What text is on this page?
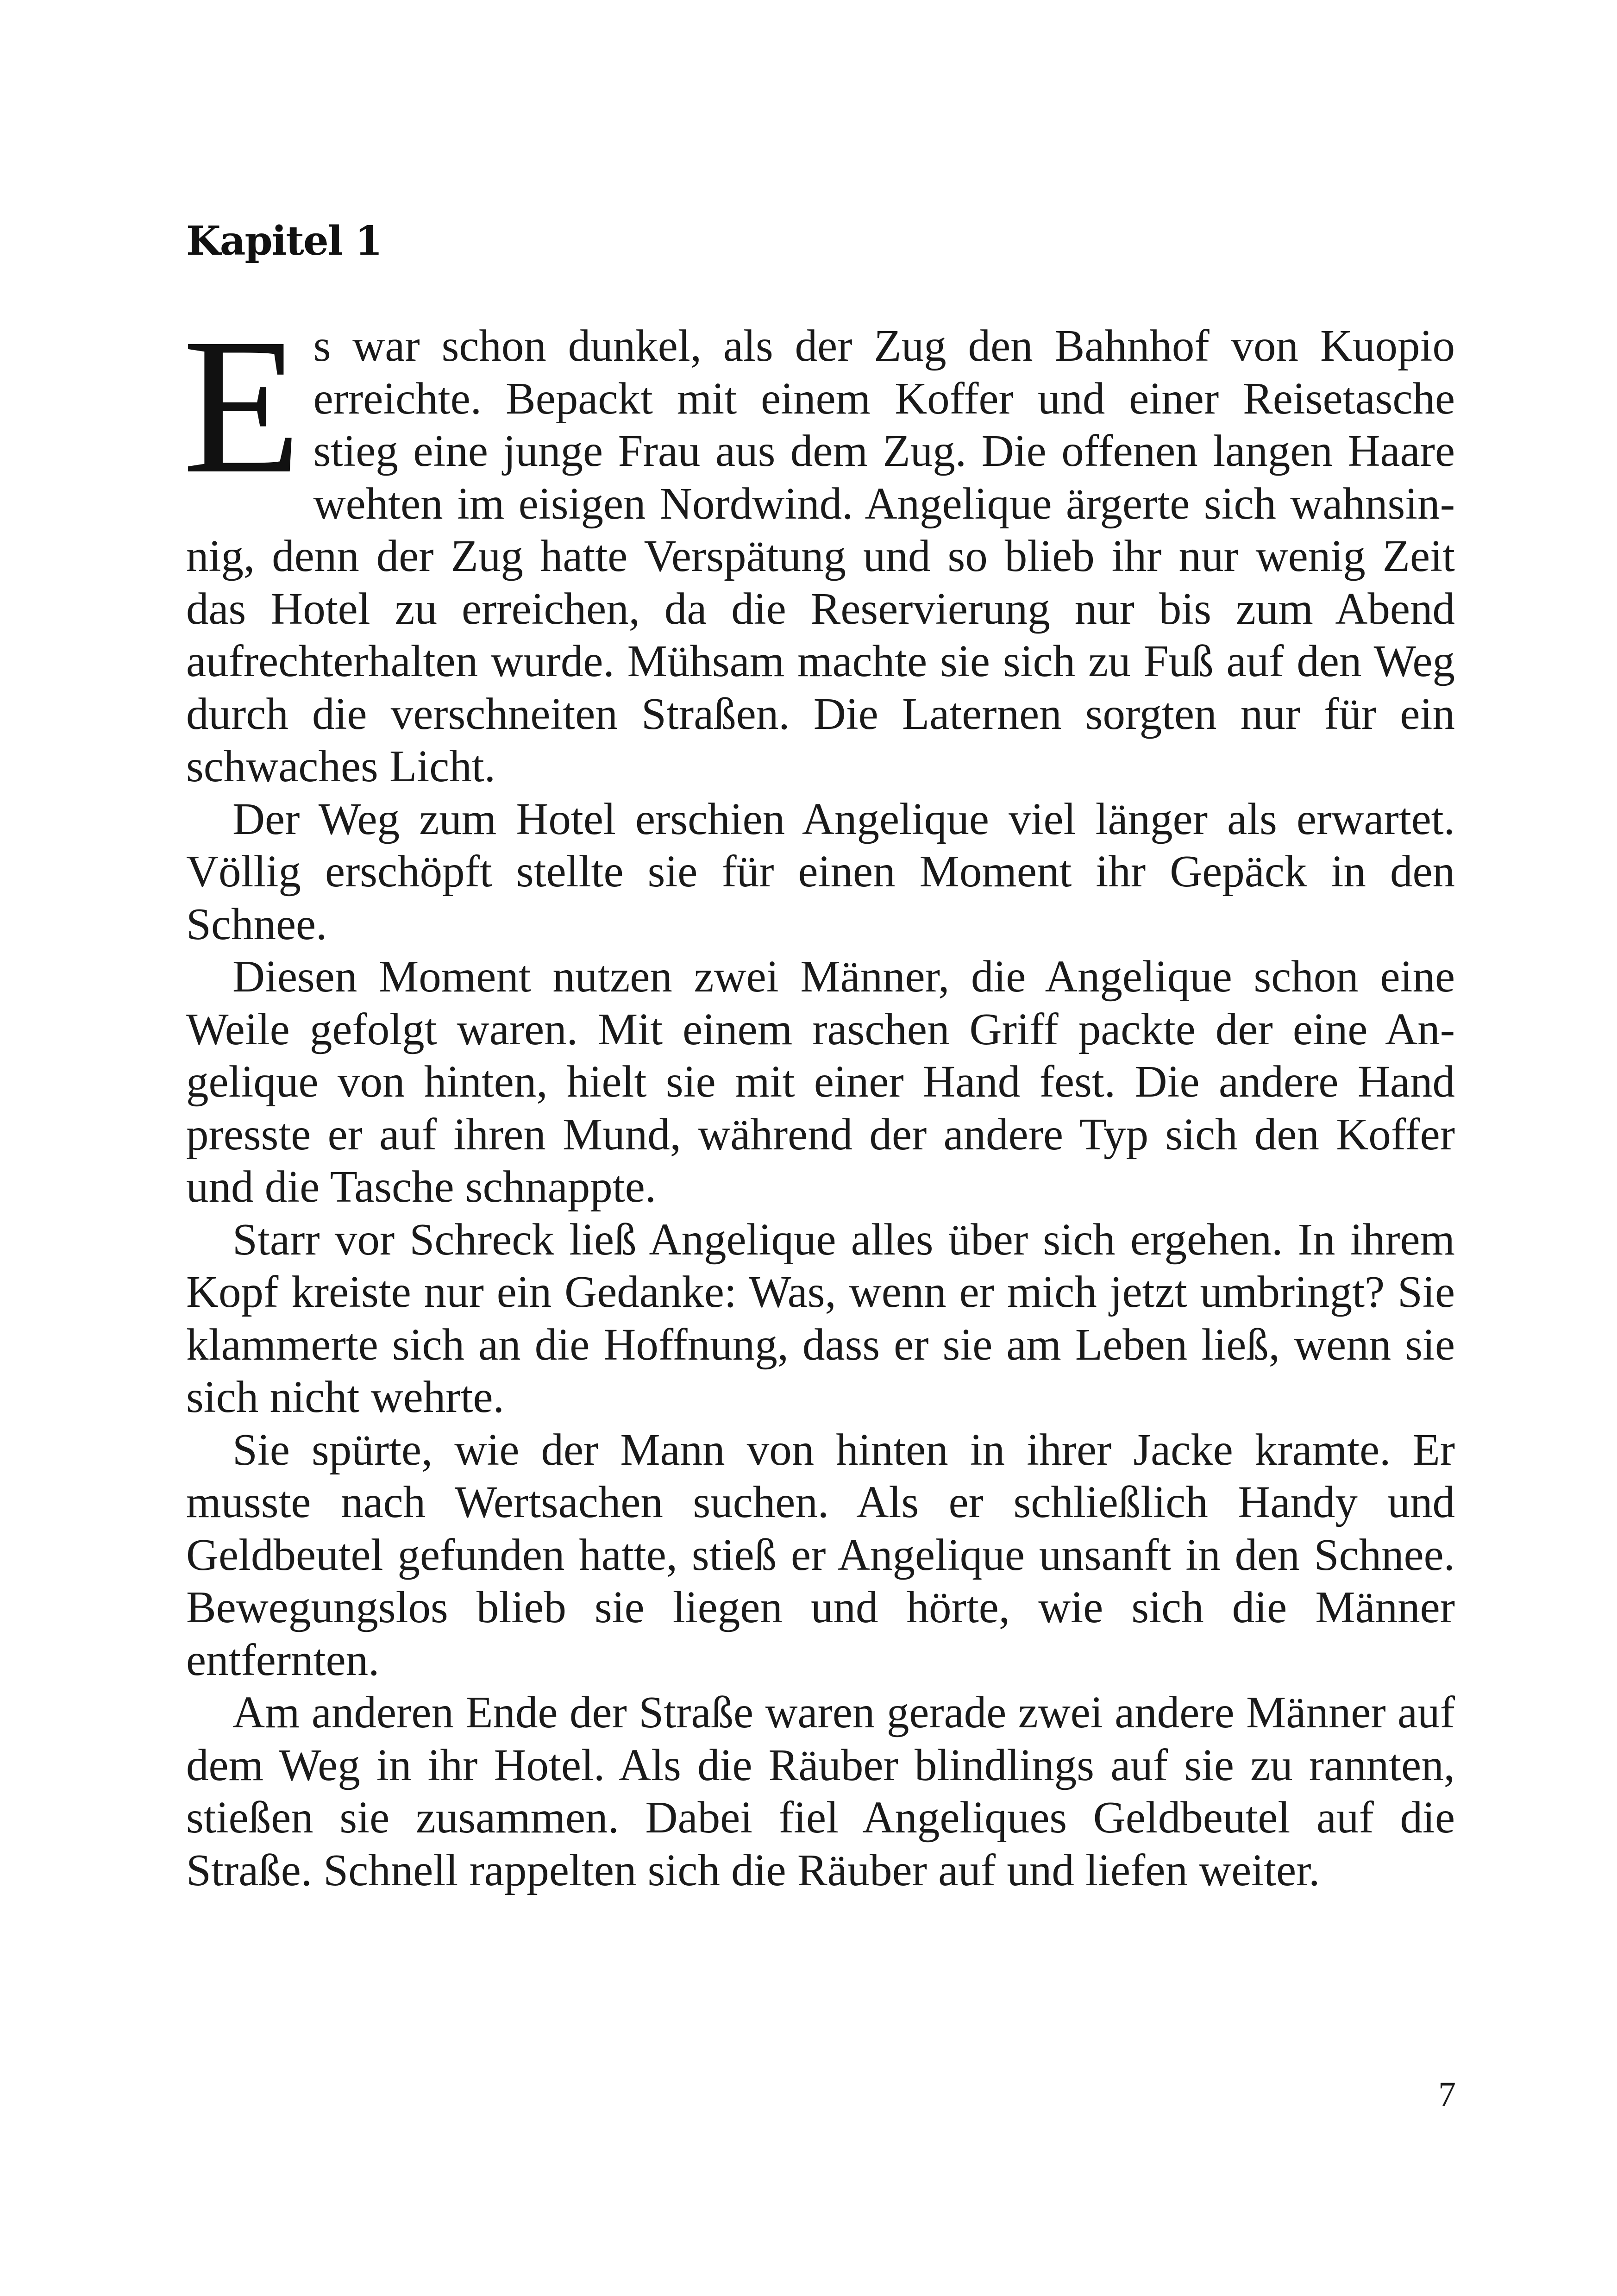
Kapitel 1

Es war schon dunkel, als der Zug den Bahnhof von Kuopio erreichte. Bepackt mit einem Koffer und einer Reisetasche stieg eine junge Frau aus dem Zug. Die offenen langen Haare wehten im eisigen Nordwind. Angelique ärgerte sich wahnsinnig, denn der Zug hatte Verspätung und so blieb ihr nur wenig Zeit das Hotel zu erreichen, da die Reservierung nur bis zum Abend aufrechterhalten wurde. Mühsam machte sie sich zu Fuß auf den Weg durch die verschneiten Straßen. Die Laternen sorgten nur für ein schwaches Licht.

Der Weg zum Hotel erschien Angelique viel länger als erwartet. Völlig erschöpft stellte sie für einen Moment ihr Gepäck in den Schnee.

Diesen Moment nutzen zwei Männer, die Angelique schon eine Weile gefolgt waren. Mit einem raschen Griff packte der eine Angelique von hinten, hielt sie mit einer Hand fest. Die andere Hand presste er auf ihren Mund, während der andere Typ sich den Koffer und die Tasche schnappte.

Starr vor Schreck ließ Angelique alles über sich ergehen. In ihrem Kopf kreiste nur ein Gedanke: Was, wenn er mich jetzt umbringt? Sie klammerte sich an die Hoffnung, dass er sie am Leben ließ, wenn sie sich nicht wehrte.

Sie spürte, wie der Mann von hinten in ihrer Jacke kramte. Er musste nach Wertsachen suchen. Als er schließlich Handy und Geldbeutel gefunden hatte, stieß er Angelique unsanft in den Schnee. Bewegungslos blieb sie liegen und hörte, wie sich die Männer entfernten.

Am anderen Ende der Straße waren gerade zwei andere Männer auf dem Weg in ihr Hotel. Als die Räuber blindlings auf sie zu rannten, stießen sie zusammen. Dabei fiel Angeliques Geldbeutel auf die Straße. Schnell rappelten sich die Räuber auf und liefen weiter.

7
